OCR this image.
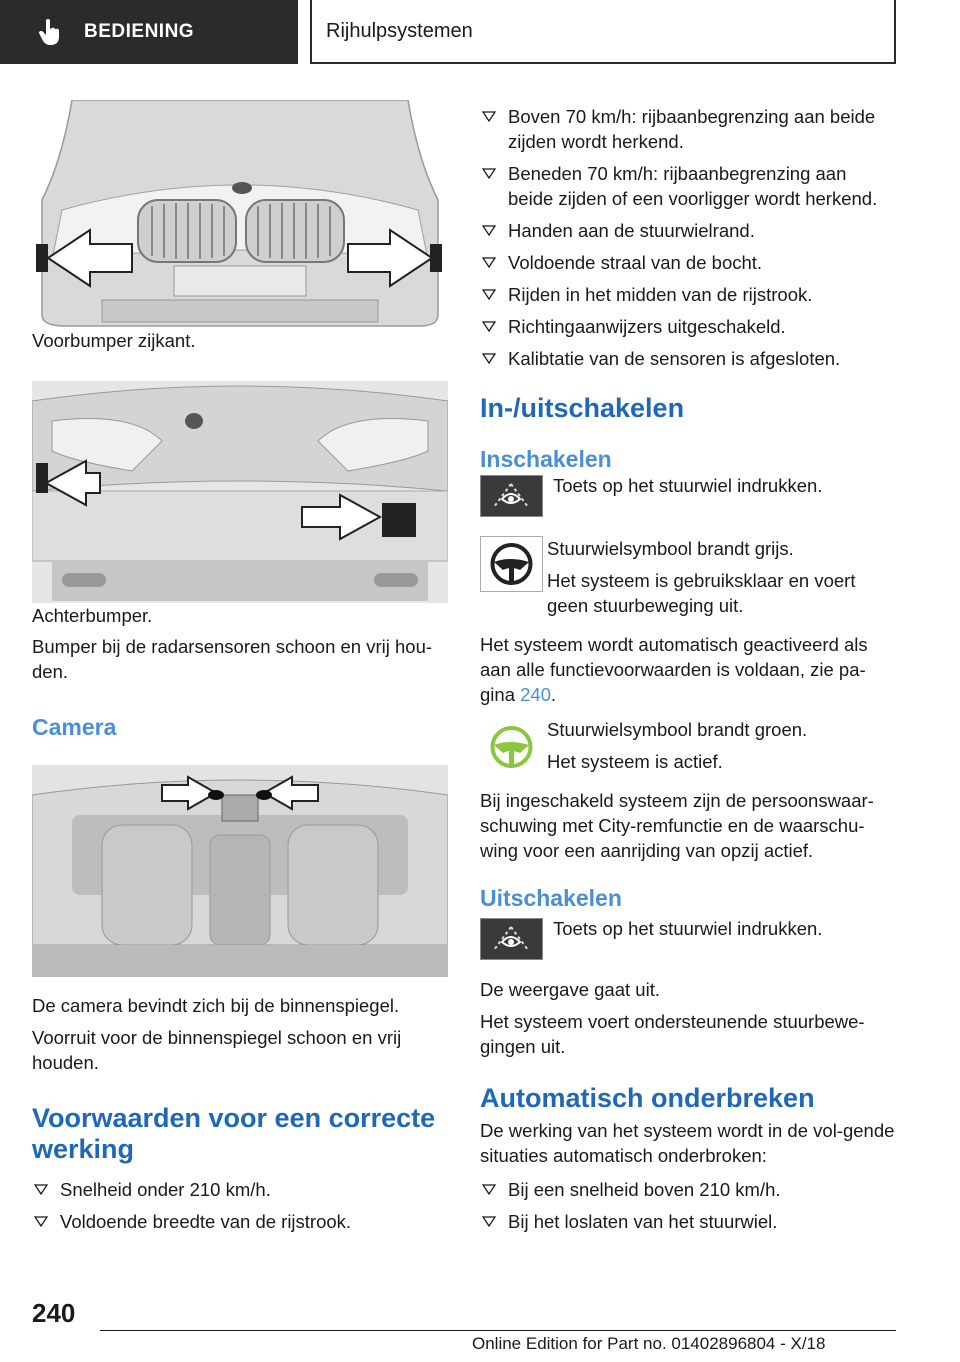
BEDIENING	Rijhulpsystemen

Voorbumper zijkant.

Achterbumper.

Bumper bij de radarsensoren schoon en vrij hou-den.

Camera

De camera bevindt zich bij de binnenspiegel.

Voorruit voor de binnenspiegel schoon en vrij houden.

Voorwaarden voor een correcte werking
Snelheid onder 210 km/h.
Voldoende breedte van de rijstrook.
Boven 70 km/h: rijbaanbegrenzing aan beide zijden wordt herkend.
Beneden 70 km/h: rijbaanbegrenzing aan beide zijden of een voorligger wordt herkend.
Handen aan de stuurwielrand.
Voldoende straal van de bocht.
Rijden in het midden van de rijstrook.
Richtingaanwijzers uitgeschakeld.
Kalibtatie van de sensoren is afgesloten.
In-/uitschakelen
Inschakelen
Toets op het stuurwiel indrukken.

Stuurwielsymbool brandt grijs.

Het systeem is gebruiksklaar en voert geen stuurbeweging uit.

Het systeem wordt automatisch geactiveerd als aan alle functievoorwaarden is voldaan, zie pa-gina 240.

Stuurwielsymbool brandt groen.

Het systeem is actief.

Bij ingeschakeld systeem zijn de persoonswaar-schuwing met City-remfunctie en de waarschu-wing voor een aanrijding van opzij actief.

Uitschakelen
Toets op het stuurwiel indrukken.

De weergave gaat uit.

Het systeem voert ondersteunende stuurbewe-gingen uit.

Automatisch onderbreken

De werking van het systeem wordt in de vol-gende situaties automatisch onderbroken:

Bij een snelheid boven 210 km/h.
Bij het loslaten van het stuurwiel.
240
Online Edition for Part no. 01402896804 - X/18
